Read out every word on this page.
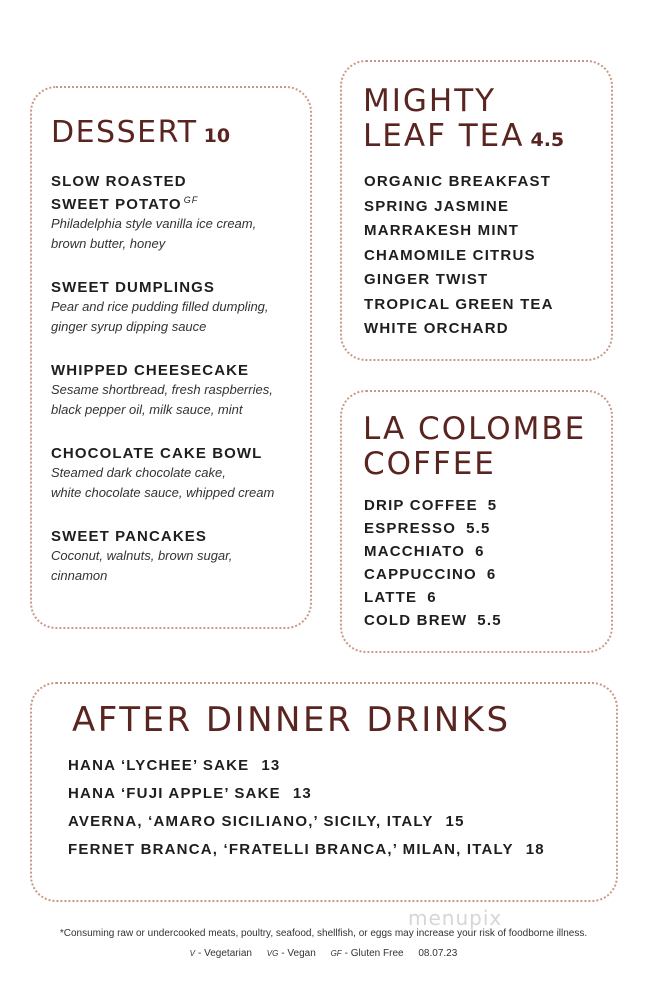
DESSERT 10
SLOW ROASTED
SWEET POTATO $^{GF}$
Philadelphia style vanilla ice cream,
brown butter, honey
SWEET DUMPLINGS
Pear and rice pudding filled dumpling,
ginger syrup dipping sauce
WHIPPED CHEESECAKE
Sesame shortbread, fresh raspberries,
black pepper oil, milk sauce, mint
CHOCOLATE CAKE BOWL
Steamed dark chocolate cake,
white chocolate sauce, whipped cream
SWEET PANCAKES
Coconut, walnuts, brown sugar,
cinnamon
MIGHTY
LEAF TEA 4.5
ORGANIC BREAKFAST
SPRING JASMINE
MARRAKESH MINT
CHAMOMILE CITRUS
GINGER TWIST
TROPICAL GREEN TEA
WHITE ORCHARD
LA COLOMBE
COFFEE
DRIP COFFEE 5
ESPRESSO 5.5
MACCHIATO 6
CAPPUCCINO 6
LATTE 6
COLD BREW 5.5
AFTER DINNER DRINKS
HANA ‘LYCHEE’ SAKE 13
HANA ‘FUJI APPLE’ SAKE 13
AVERNA, ‘AMARO SICILIANO,’ SICILY, ITALY 15
FERNET BRANCA, ‘FRATELLI BRANCA,’ MILAN, ITALY 18
menupix
*Consuming raw or undercooked meats, poultry, seafood, shellfish, or eggs may increase your risk of foodborne illness.
V - Vegetarian VG - Vegan GF - Gluten Free 08.07.23
